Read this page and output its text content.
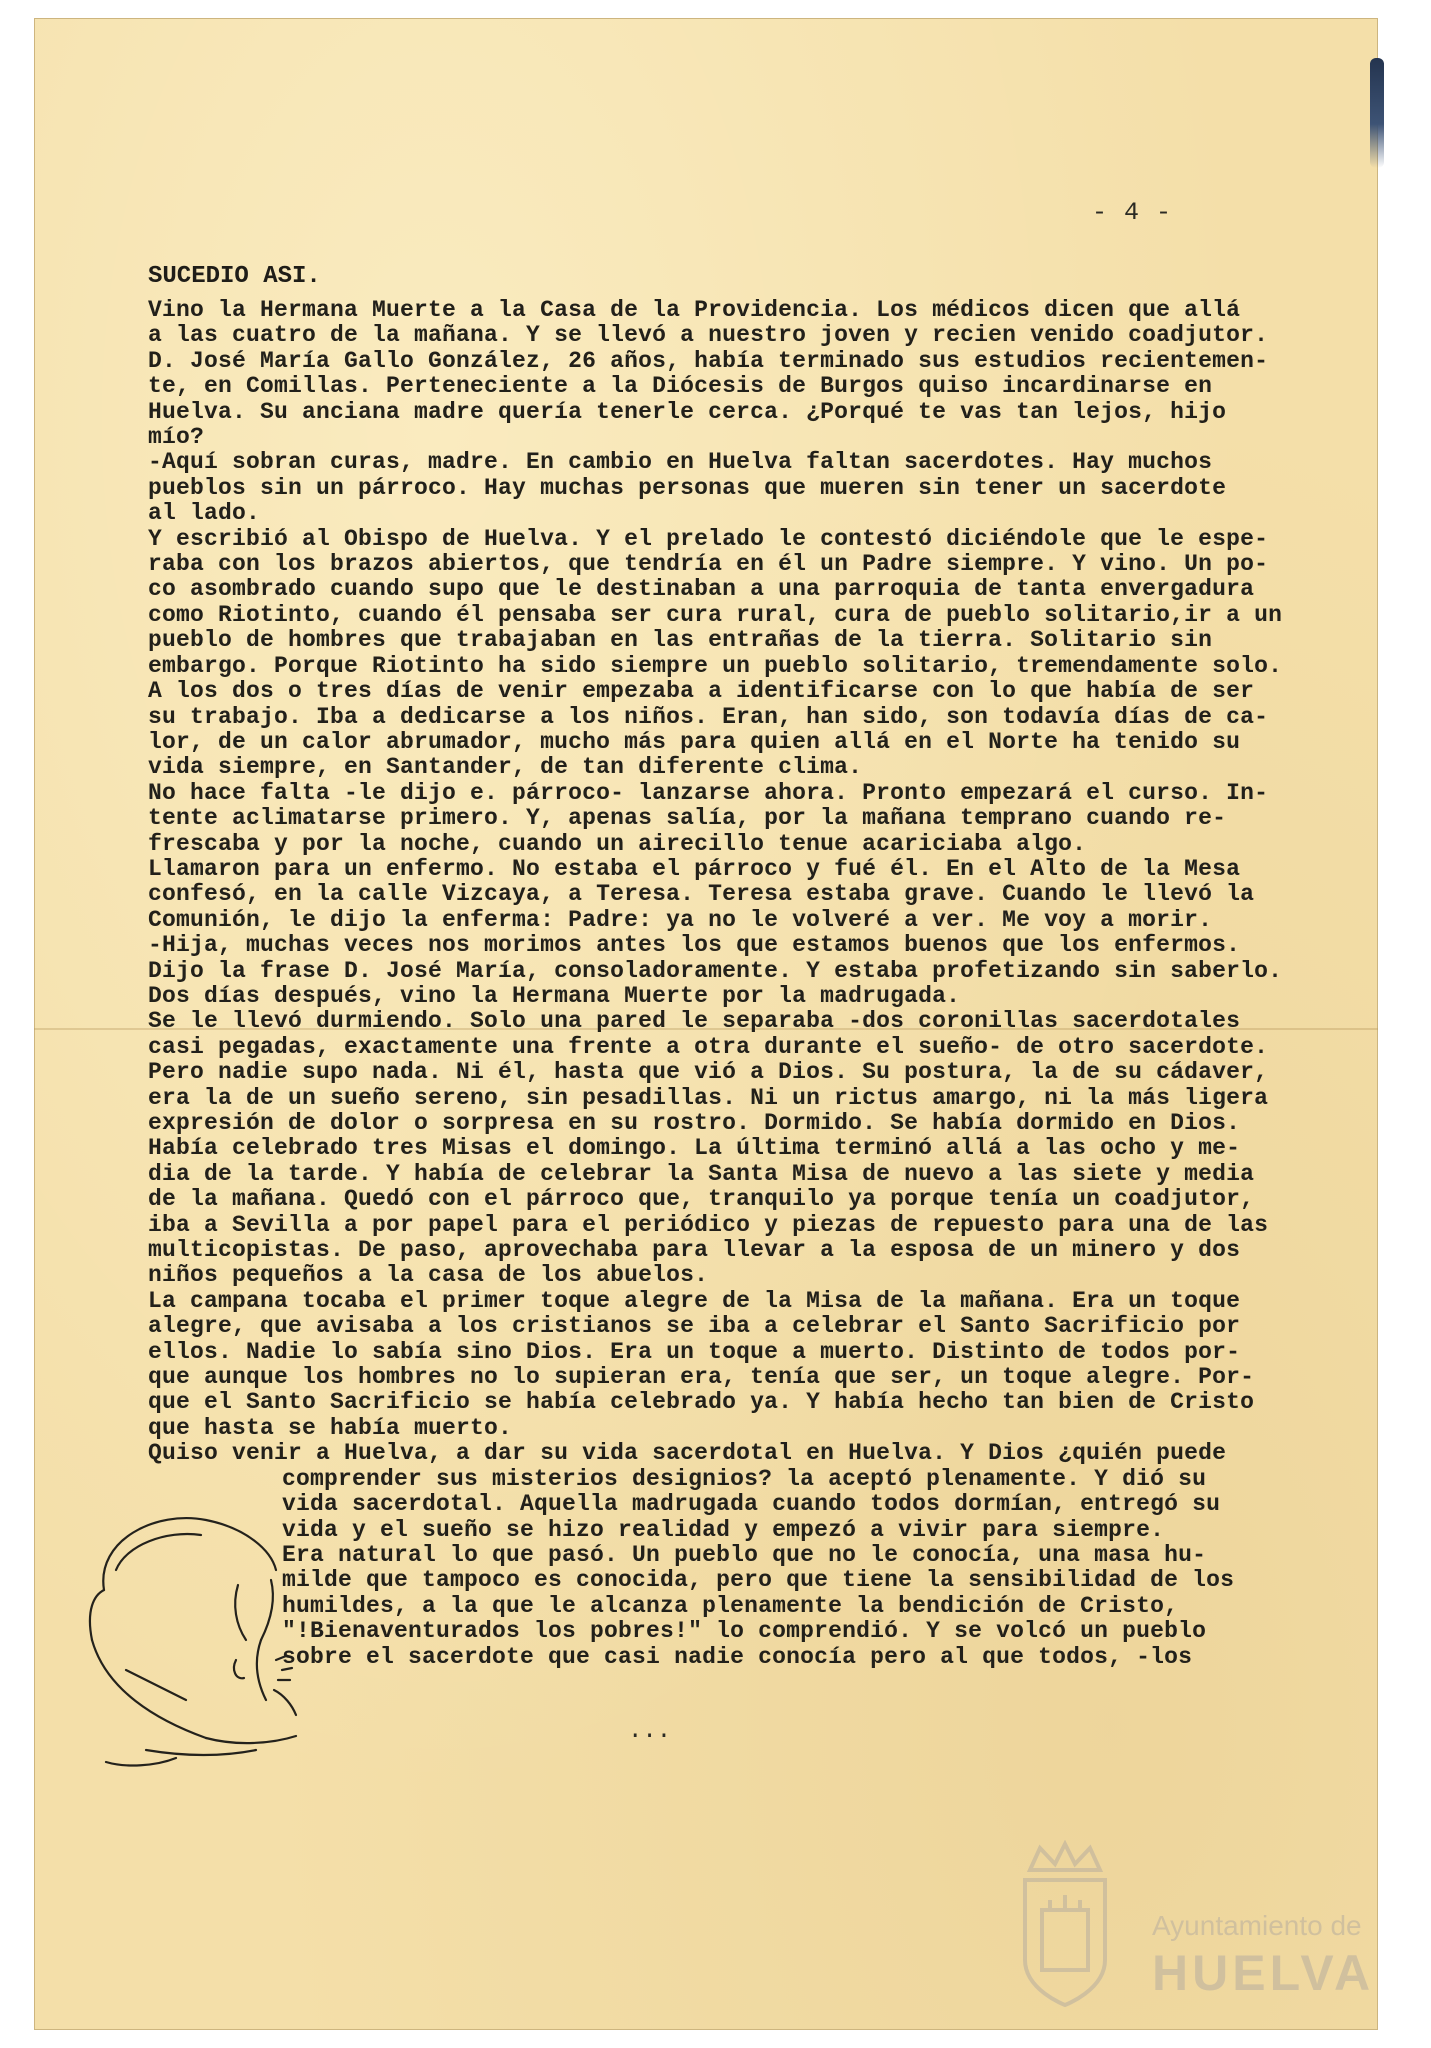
- 4 -
SUCEDIO ASI.
Vino la Hermana Muerte a la Casa de la Providencia. Los médicos dicen que allá
a las cuatro de la mañana. Y se llevó a nuestro joven y recien venido coadjutor.
D. José María Gallo González, 26 años, había terminado sus estudios recientemen-
te, en Comillas. Perteneciente a la Diócesis de Burgos quiso incardinarse en
Huelva. Su anciana madre quería tenerle cerca. ¿Porqué te vas tan lejos, hijo
mío?
-Aquí sobran curas, madre. En cambio en Huelva faltan sacerdotes. Hay muchos
pueblos sin un párroco. Hay muchas personas que mueren sin tener un sacerdote
al lado.
Y escribió al Obispo de Huelva. Y el prelado le contestó diciéndole que le espe-
raba con los brazos abiertos, que tendría en él un Padre siempre. Y vino. Un po-
co asombrado cuando supo que le destinaban a una parroquia de tanta envergadura
como Riotinto, cuando él pensaba ser cura rural, cura de pueblo solitario,ir a un
pueblo de hombres que trabajaban en las entrañas de la tierra. Solitario sin
embargo. Porque Riotinto ha sido siempre un pueblo solitario, tremendamente solo.
A los dos o tres días de venir empezaba a identificarse con lo que había de ser
su trabajo. Iba a dedicarse a los niños. Eran, han sido, son todavía días de ca-
lor, de un calor abrumador, mucho más para quien allá en el Norte ha tenido su
vida siempre, en Santander, de tan diferente clima.
No hace falta -le dijo e. párroco- lanzarse ahora. Pronto empezará el curso. In-
tente aclimatarse primero. Y, apenas salía, por la mañana temprano cuando re-
frescaba y por la noche, cuando un airecillo tenue acariciaba algo.
Llamaron para un enfermo. No estaba el párroco y fué él. En el Alto de la Mesa
confesó, en la calle Vizcaya, a Teresa. Teresa estaba grave. Cuando le llevó la
Comunión, le dijo la enferma: Padre: ya no le volveré a ver. Me voy a morir.
-Hija, muchas veces nos morimos antes los que estamos buenos que los enfermos.
Dijo la frase D. José María, consoladoramente. Y estaba profetizando sin saberlo.
Dos días después, vino la Hermana Muerte por la madrugada.
Se le llevó durmiendo. Solo una pared le separaba -dos coronillas sacerdotales
casi pegadas, exactamente una frente a otra durante el sueño- de otro sacerdote.
Pero nadie supo nada. Ni él, hasta que vió a Dios. Su postura, la de su cádaver,
era la de un sueño sereno, sin pesadillas. Ni un rictus amargo, ni la más ligera
expresión de dolor o sorpresa en su rostro. Dormido. Se había dormido en Dios.
Había celebrado tres Misas el domingo. La última terminó allá a las ocho y me-
dia de la tarde. Y había de celebrar la Santa Misa de nuevo a las siete y media
de la mañana. Quedó con el párroco que, tranquilo ya porque tenía un coadjutor,
iba a Sevilla a por papel para el periódico y piezas de repuesto para una de las
multicopistas. De paso, aprovechaba para llevar a la esposa de un minero y dos
niños pequeños a la casa de los abuelos.
La campana tocaba el primer toque alegre de la Misa de la mañana. Era un toque
alegre, que avisaba a los cristianos se iba a celebrar el Santo Sacrificio por
ellos. Nadie lo sabía sino Dios. Era un toque a muerto. Distinto de todos por-
que aunque los hombres no lo supieran era, tenía que ser, un toque alegre. Por-
que el Santo Sacrificio se había celebrado ya. Y había hecho tan bien de Cristo
que hasta se había muerto.
Quiso venir a Huelva, a dar su vida sacerdotal en Huelva. Y Dios ¿quién puede
comprender sus misterios designios? la aceptó plenamente. Y dió su
vida sacerdotal. Aquella madrugada cuando todos dormían, entregó su
vida y el sueño se hizo realidad y empezó a vivir para siempre.
Era natural lo que pasó. Un pueblo que no le conocía, una masa hu-
milde que tampoco es conocida, pero que tiene la sensibilidad de los
humildes, a la que le alcanza plenamente la bendición de Cristo,
"!Bienaventurados los pobres!" lo comprendió. Y se volcó un pueblo
sobre el sacerdote que casi nadie conocía pero al que todos, -los
...
Ayuntamiento de
HUELVA
